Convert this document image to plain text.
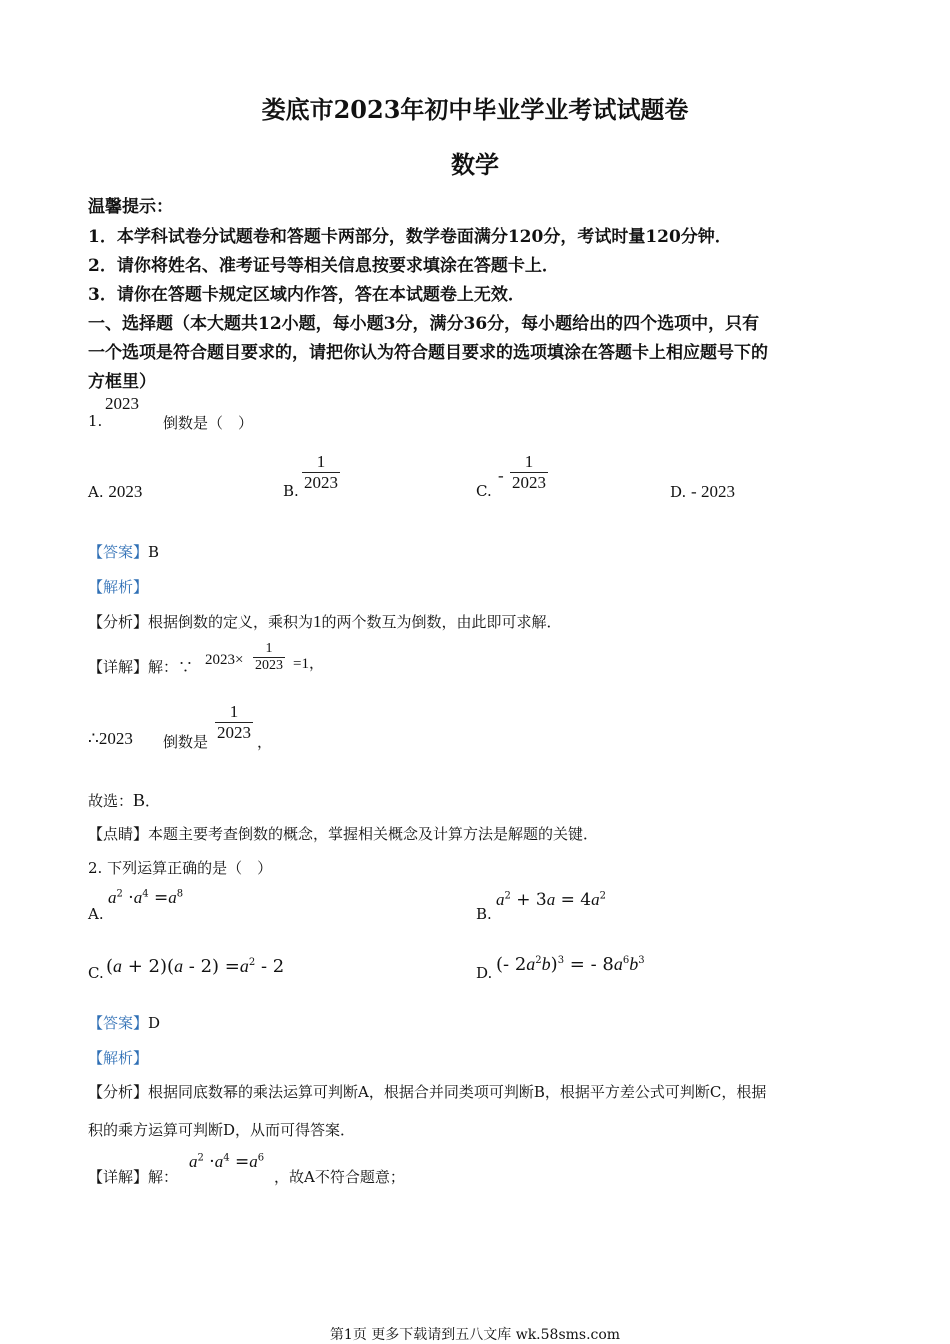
娄底市2023年初中毕业学业考试试题卷
数学
温馨提示：
1．本学科试卷分试题卷和答题卡两部分，数学卷面满分120分，考试时量120分钟．
2．请你将姓名、准考证号等相关信息按要求填涂在答题卡上．
3．请你在答题卡规定区域内作答，答在本试题卷上无效．
一、选择题（本大题共12小题，每小题3分，满分36分，每小题给出的四个选项中，只有
一个选项是符合题目要求的，请把你认为符合题目要求的选项填涂在答题卡上相应题号下的
方框里）
1.
2023
倒数是（　）
A. 2023	B. $\frac{1}{2023}$	C.
- $\frac{1}{2023}$	D. - 2023
【答案】B
【解析】
【分析】根据倒数的定义，乘积为1的两个数互为倒数，由此即可求解．
【详解】解：∵ $2023\times \frac{1}{2023} =1$，
∴2023 倒数是 $\frac{1}{2023}$ ，
故选：B．
【点睛】本题主要考查倒数的概念，掌握相关概念及计算方法是解题的关键．
2. 下列运算正确的是（　）
A.
$a^2 \cdot a^4 =a^8$
B.
$a^2 + 3a = 4a^2$
C. $(a + 2)(a - 2) =a^2 - 2$	D. (- $2a^2b)^3$ = - $8a^6b^3$
【答案】D
【解析】
【分析】根据同底数幂的乘法运算可判断A，根据合并同类项可判断B，根据平方差公式可判断C，根据
积的乘方运算可判断D，从而可得答案．
【详解】解：
$a^2 \cdot a^4 =a^6$
，故A不符合题意；
第1页 更多下载请到五八文库 wk.58sms.com
